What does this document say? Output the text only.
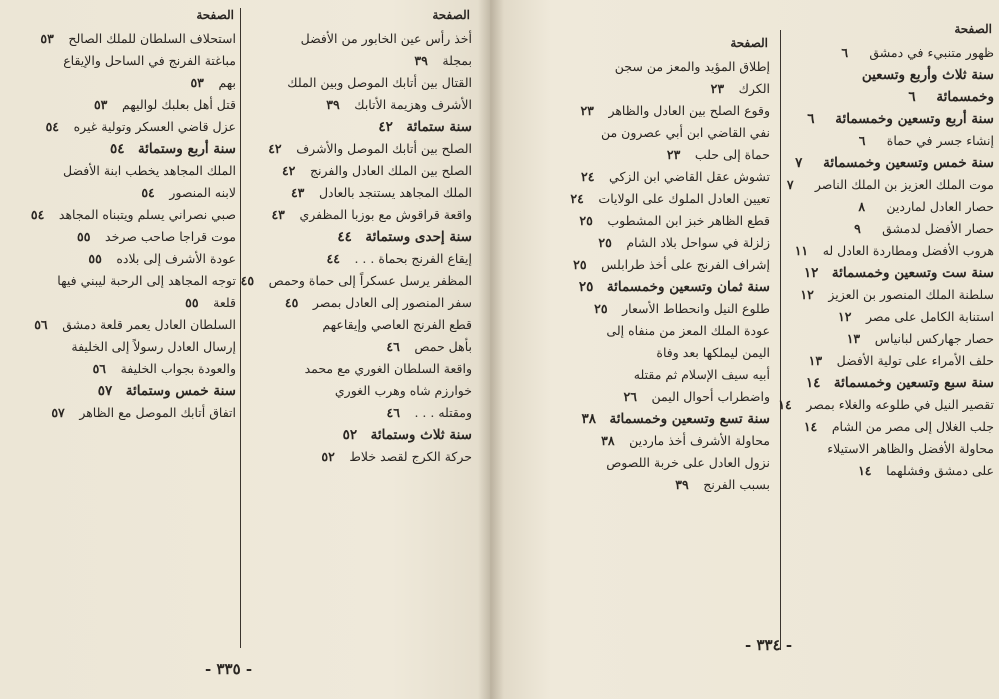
الصفحة
استحلاف السلطان للملك الصالح٥٣
مباغتة الفرنج في الساحل والإيقاع
بهم٥٣
قتل أهل بعلبك لواليهم٥٣
عزل قاضي العسكر وتولية غيره٥٤
سنة أربع وستمائة٥٤
الملك المجاهد يخطب ابنة الأفضل
لابنه المنصور٥٤
صبي نصراني يسلم ويتبناه المجاهد٥٤
موت قراجا صاحب صرخد٥٥
عودة الأشرف إلى بلاده٥٥
توجه المجاهد إلى الرحبة ليبني فيها
قلعة٥٥
السلطان العادل يعمر قلعة دمشق٥٦
إرسال العادل رسولاً إلى الخليفة
والعودة بجواب الخليفة٥٦
سنة خمس وستمائة٥٧
اتفاق أتابك الموصل مع الظاهر٥٧
الصفحة
أخذ رأس عين الخابور من الأفضل
بمجلة٣٩
القتال بين أتابك الموصل وبين الملك
الأشرف وهزيمة الأتابك٣٩
سنة ستمائة٤٢
الصلح بين أتابك الموصل والأشرف٤٢
الصلح بين الملك العادل والفرنج٤٢
الملك المجاهد يستنجد بالعادل٤٣
واقعة قراقوش مع بوزبا المظفري٤٣
سنة إحدى وستمائة٤٤
إيقاع الفرنج بحماة . . .٤٤
المظفر يرسل عسكراً إلى حماة وحمص٤٥
سفر المنصور إلى العادل بمصر٤٥
قطع الفرنج العاصي وإيقاعهم
بأهل حمص٤٦
واقعة السلطان الغوري مع محمد
خوارزم شاه وهرب الغوري
ومقتله . . .٤٦
سنة ثلاث وستمائة٥٢
حركة الكرج لقصد خلاط٥٢
- ٣٣٥ -
الصفحة
إطلاق المؤيد والمعز من سجن
الكرك٢٣
وقوع الصلح بين العادل والظاهر٢٣
نفي القاضي ابن أبي عصرون من
حماة إلى حلب٢٣
تشوش عقل القاضي ابن الزكي٢٤
تعيين العادل الملوك على الولايات٢٤
قطع الظاهر خبز ابن المشطوب٢٥
زلزلة في سواحل بلاد الشام٢٥
إشراف الفرنج على أخذ طرابلس٢٥
سنة ثمان وتسعين وخمسمائة٢٥
طلوع النيل وانحطاط الأسعار٢٥
عودة الملك المعز من منفاه إلى
اليمن ليملكها بعد وفاة
أبيه سيف الإسلام ثم مقتله
واضطراب أحوال اليمن٢٦
سنة تسع وتسعين وخمسمائة٣٨
محاولة الأشرف أخذ ماردين٣٨
نزول العادل على خربة اللصوص
بسبب الفرنج٣٩
الصفحة
ظهور متنبيء في دمشق٦
سنة ثلاث وأربع وتسعين
وخمسمائة٦
سنة أربع وتسعين وخمسمائة٦
إنشاء جسر في حماة٦
سنة خمس وتسعين وخمسمائة٧
موت الملك العزيز بن الملك الناصر٧
حصار العادل لماردين٨
حصار الأفضل لدمشق٩
هروب الأفضل ومطاردة العادل له١١
سنة ست وتسعين وخمسمائة١٢
سلطنة الملك المنصور بن العزيز١٢
استنابة الكامل على مصر١٢
حصار جهاركس لبانياس١٣
حلف الأمراء على تولية الأفضل١٣
سنة سبع وتسعين وخمسمائة١٤
تقصير النيل في طلوعه والغلاء بمصر١٤
جلب الغلال إلى مصر من الشام١٤
محاولة الأفضل والظاهر الاستيلاء
على دمشق وفشلهما١٤
- ٣٣٤ -
